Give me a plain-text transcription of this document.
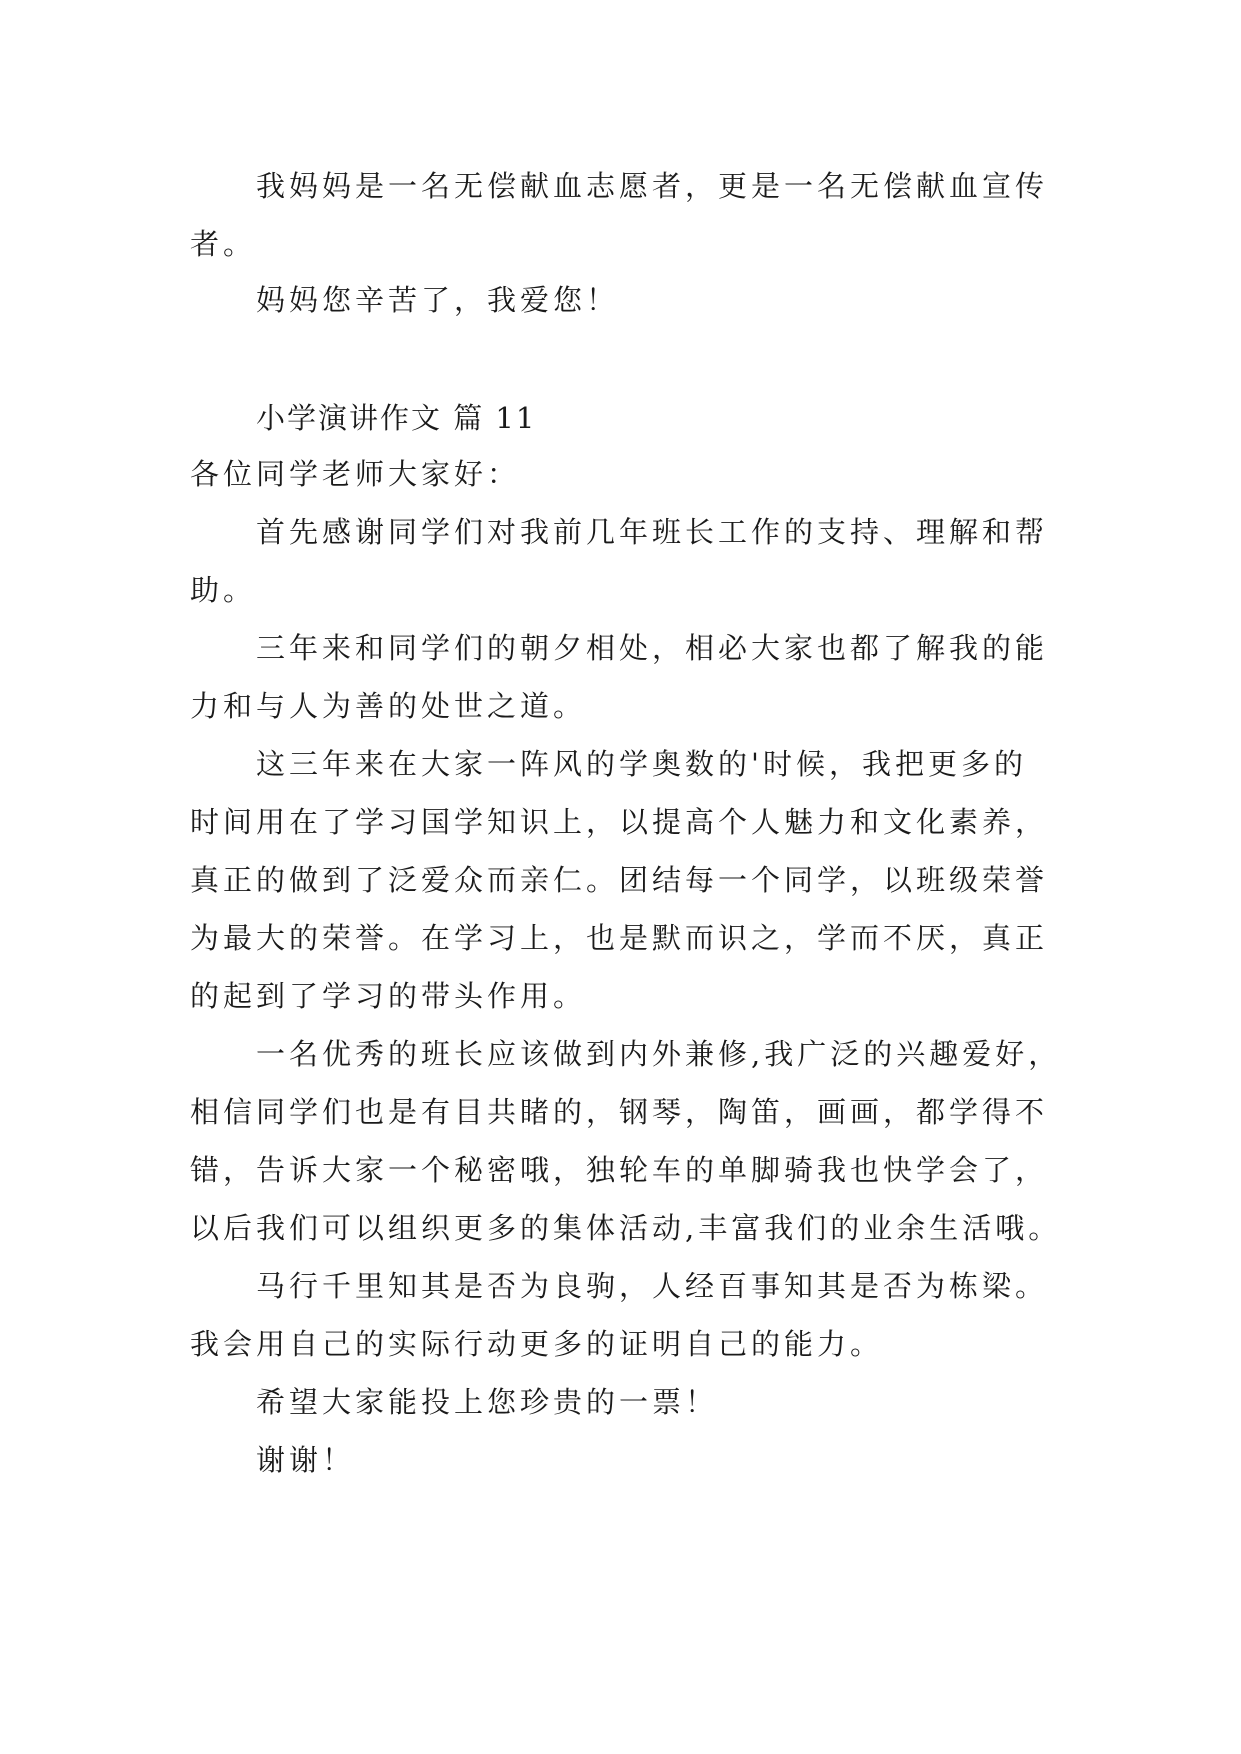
我妈妈是一名无偿献血志愿者，更是一名无偿献血宣传
者。
妈妈您辛苦了，我爱您！
小学演讲作文 篇 11
各位同学老师大家好：
首先感谢同学们对我前几年班长工作的支持、理解和帮
助。
三年来和同学们的朝夕相处，相必大家也都了解我的能
力和与人为善的处世之道。
这三年来在大家一阵风的学奥数的'时候，我把更多的
时间用在了学习国学知识上，以提高个人魅力和文化素养，
真正的做到了泛爱众而亲仁。团结每一个同学，以班级荣誉
为最大的荣誉。在学习上，也是默而识之，学而不厌，真正
的起到了学习的带头作用。
一名优秀的班长应该做到内外兼修,我广泛的兴趣爱好，
相信同学们也是有目共睹的，钢琴，陶笛，画画，都学得不
错，告诉大家一个秘密哦，独轮车的单脚骑我也快学会了，
以后我们可以组织更多的集体活动,丰富我们的业余生活哦。
马行千里知其是否为良驹，人经百事知其是否为栋梁。
我会用自己的实际行动更多的证明自己的能力。
希望大家能投上您珍贵的一票！
谢谢！
